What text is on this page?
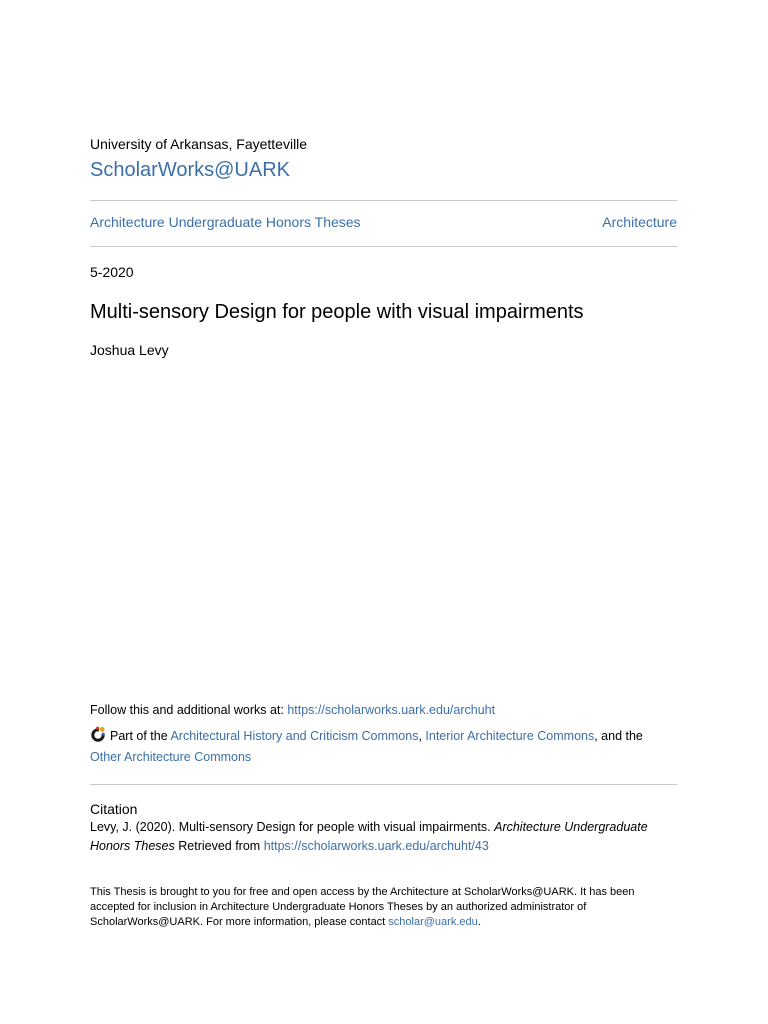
University of Arkansas, Fayetteville
ScholarWorks@UARK
Architecture Undergraduate Honors Theses	Architecture
5-2020
Multi-sensory Design for people with visual impairments
Joshua Levy
Follow this and additional works at: https://scholarworks.uark.edu/archuht
Part of the Architectural History and Criticism Commons, Interior Architecture Commons, and the
Other Architecture Commons
Citation
Levy, J. (2020). Multi-sensory Design for people with visual impairments. Architecture Undergraduate Honors Theses Retrieved from https://scholarworks.uark.edu/archuht/43
This Thesis is brought to you for free and open access by the Architecture at ScholarWorks@UARK. It has been accepted for inclusion in Architecture Undergraduate Honors Theses by an authorized administrator of ScholarWorks@UARK. For more information, please contact scholar@uark.edu.
